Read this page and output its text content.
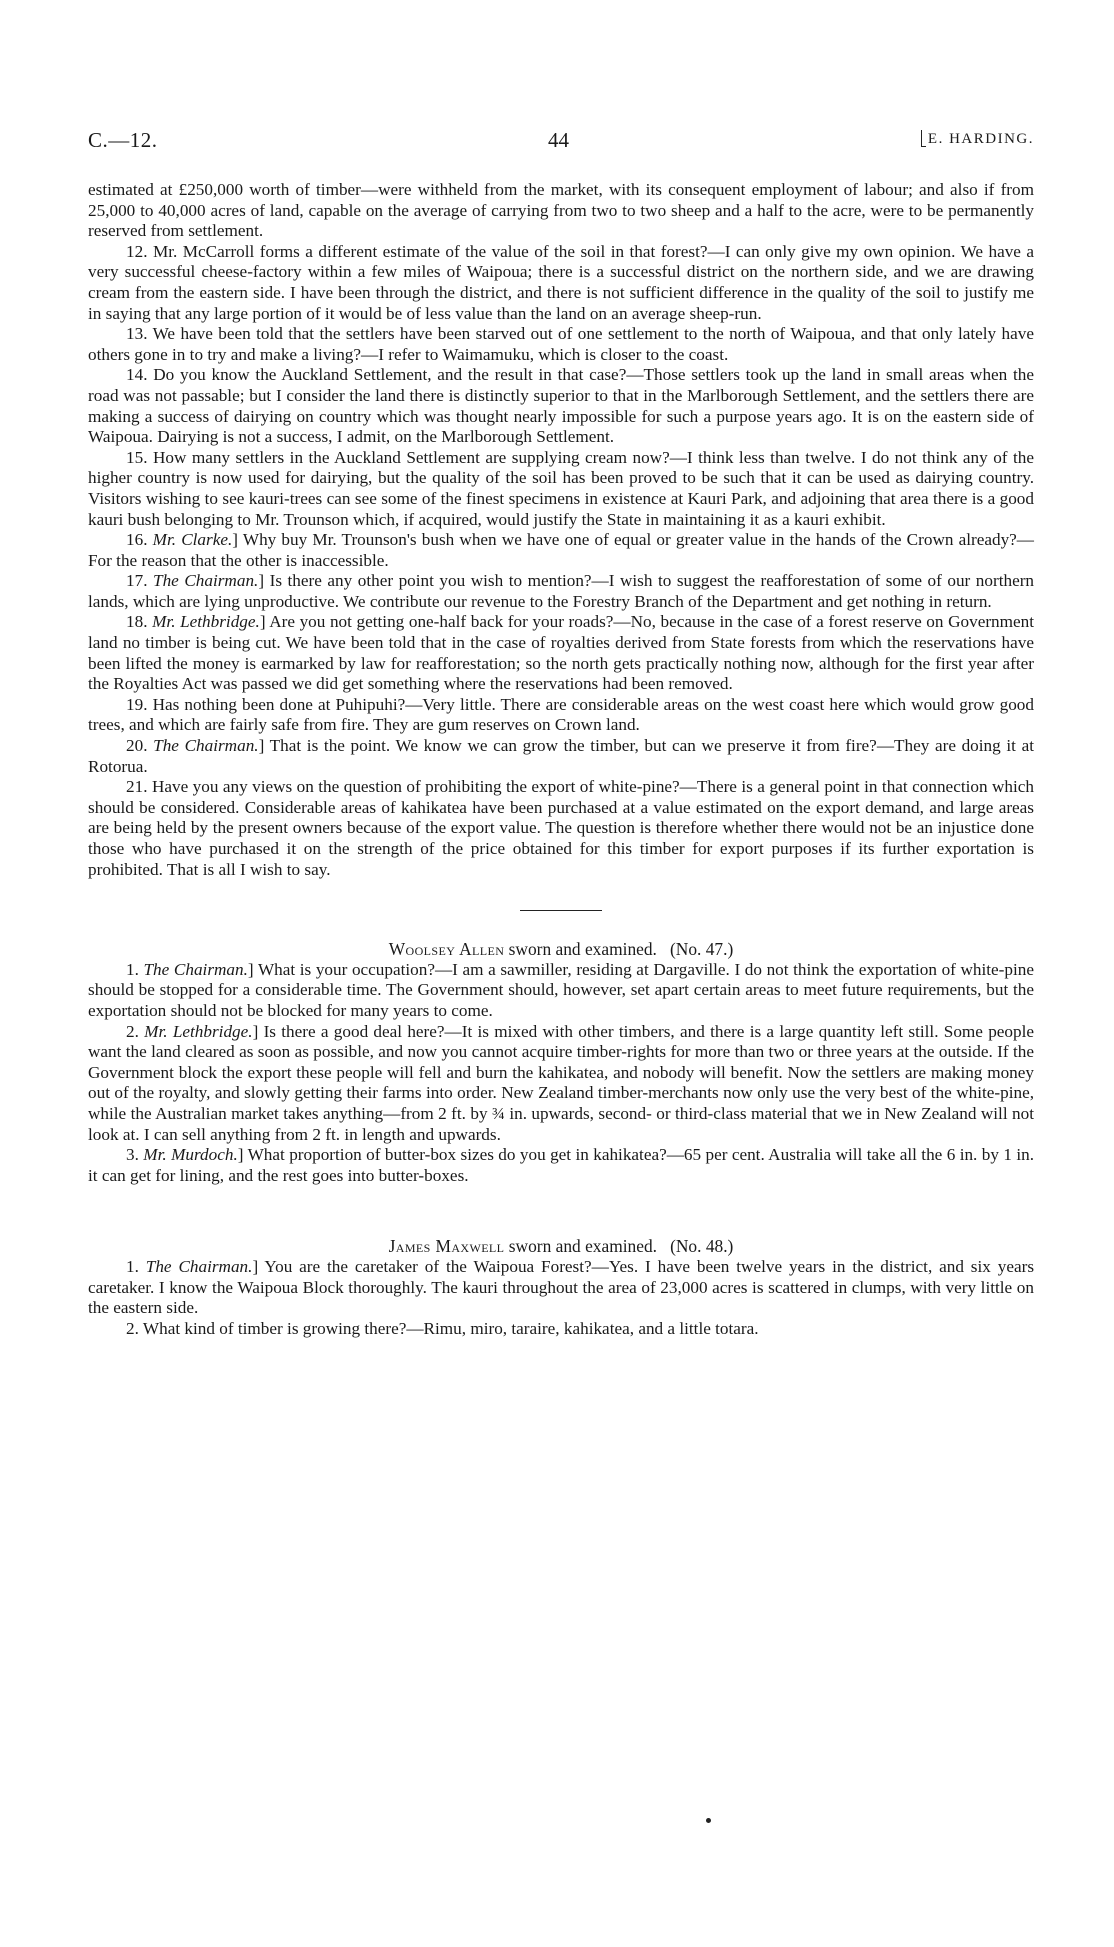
C.—12.	44	E. HARDING.

estimated at £250,000 worth of timber—were withheld from the market, with its consequent employment of labour; and also if from 25,000 to 40,000 acres of land, capable on the average of carrying from two to two sheep and a half to the acre, were to be permanently reserved from settlement.

12. Mr. McCarroll forms a different estimate of the value of the soil in that forest?—I can only give my own opinion. We have a very successful cheese-factory within a few miles of Waipoua; there is a successful district on the northern side, and we are drawing cream from the eastern side. I have been through the district, and there is not sufficient difference in the quality of the soil to justify me in saying that any large portion of it would be of less value than the land on an average sheep-run.

13. We have been told that the settlers have been starved out of one settlement to the north of Waipoua, and that only lately have others gone in to try and make a living?—I refer to Waimamuku, which is closer to the coast.

14. Do you know the Auckland Settlement, and the result in that case?—Those settlers took up the land in small areas when the road was not passable; but I consider the land there is distinctly superior to that in the Marlborough Settlement, and the settlers there are making a success of dairying on country which was thought nearly impossible for such a purpose years ago. It is on the eastern side of Waipoua. Dairying is not a success, I admit, on the Marlborough Settlement.

15. How many settlers in the Auckland Settlement are supplying cream now?—I think less than twelve. I do not think any of the higher country is now used for dairying, but the quality of the soil has been proved to be such that it can be used as dairying country. Visitors wishing to see kauri-trees can see some of the finest specimens in existence at Kauri Park, and adjoining that area there is a good kauri bush belonging to Mr. Trounson which, if acquired, would justify the State in maintaining it as a kauri exhibit.

16. Mr. Clarke.] Why buy Mr. Trounson's bush when we have one of equal or greater value in the hands of the Crown already?—For the reason that the other is inaccessible.

17. The Chairman.] Is there any other point you wish to mention?—I wish to suggest the reafforestation of some of our northern lands, which are lying unproductive. We contribute our revenue to the Forestry Branch of the Department and get nothing in return.

18. Mr. Lethbridge.] Are you not getting one-half back for your roads?—No, because in the case of a forest reserve on Government land no timber is being cut. We have been told that in the case of royalties derived from State forests from which the reservations have been lifted the money is earmarked by law for reafforestation; so the north gets practically nothing now, although for the first year after the Royalties Act was passed we did get something where the reservations had been removed.

19. Has nothing been done at Puhipuhi?—Very little. There are considerable areas on the west coast here which would grow good trees, and which are fairly safe from fire. They are gum reserves on Crown land.

20. The Chairman.] That is the point. We know we can grow the timber, but can we preserve it from fire?—They are doing it at Rotorua.

21. Have you any views on the question of prohibiting the export of white-pine?—There is a general point in that connection which should be considered. Considerable areas of kahikatea have been purchased at a value estimated on the export demand, and large areas are being held by the present owners because of the export value. The question is therefore whether there would not be an injustice done those who have purchased it on the strength of the price obtained for this timber for export purposes if its further exportation is prohibited. That is all I wish to say.

Woolsey Allen sworn and examined. (No. 47.)

1. The Chairman.] What is your occupation?—I am a sawmiller, residing at Dargaville. I do not think the exportation of white-pine should be stopped for a considerable time. The Government should, however, set apart certain areas to meet future requirements, but the exportation should not be blocked for many years to come.

2. Mr. Lethbridge.] Is there a good deal here?—It is mixed with other timbers, and there is a large quantity left still. Some people want the land cleared as soon as possible, and now you cannot acquire timber-rights for more than two or three years at the outside. If the Government block the export these people will fell and burn the kahikatea, and nobody will benefit. Now the settlers are making money out of the royalty, and slowly getting their farms into order. New Zealand timber-merchants now only use the very best of the white-pine, while the Australian market takes anything—from 2 ft. by ¾ in. upwards, second- or third-class material that we in New Zealand will not look at. I can sell anything from 2 ft. in length and upwards.

3. Mr. Murdoch.] What proportion of butter-box sizes do you get in kahikatea?—65 per cent. Australia will take all the 6 in. by 1 in. it can get for lining, and the rest goes into butter-boxes.

James Maxwell sworn and examined. (No. 48.)

1. The Chairman.] You are the caretaker of the Waipoua Forest?—Yes. I have been twelve years in the district, and six years caretaker. I know the Waipoua Block thoroughly. The kauri throughout the area of 23,000 acres is scattered in clumps, with very little on the eastern side.

2. What kind of timber is growing there?—Rimu, miro, taraire, kahikatea, and a little totara.
